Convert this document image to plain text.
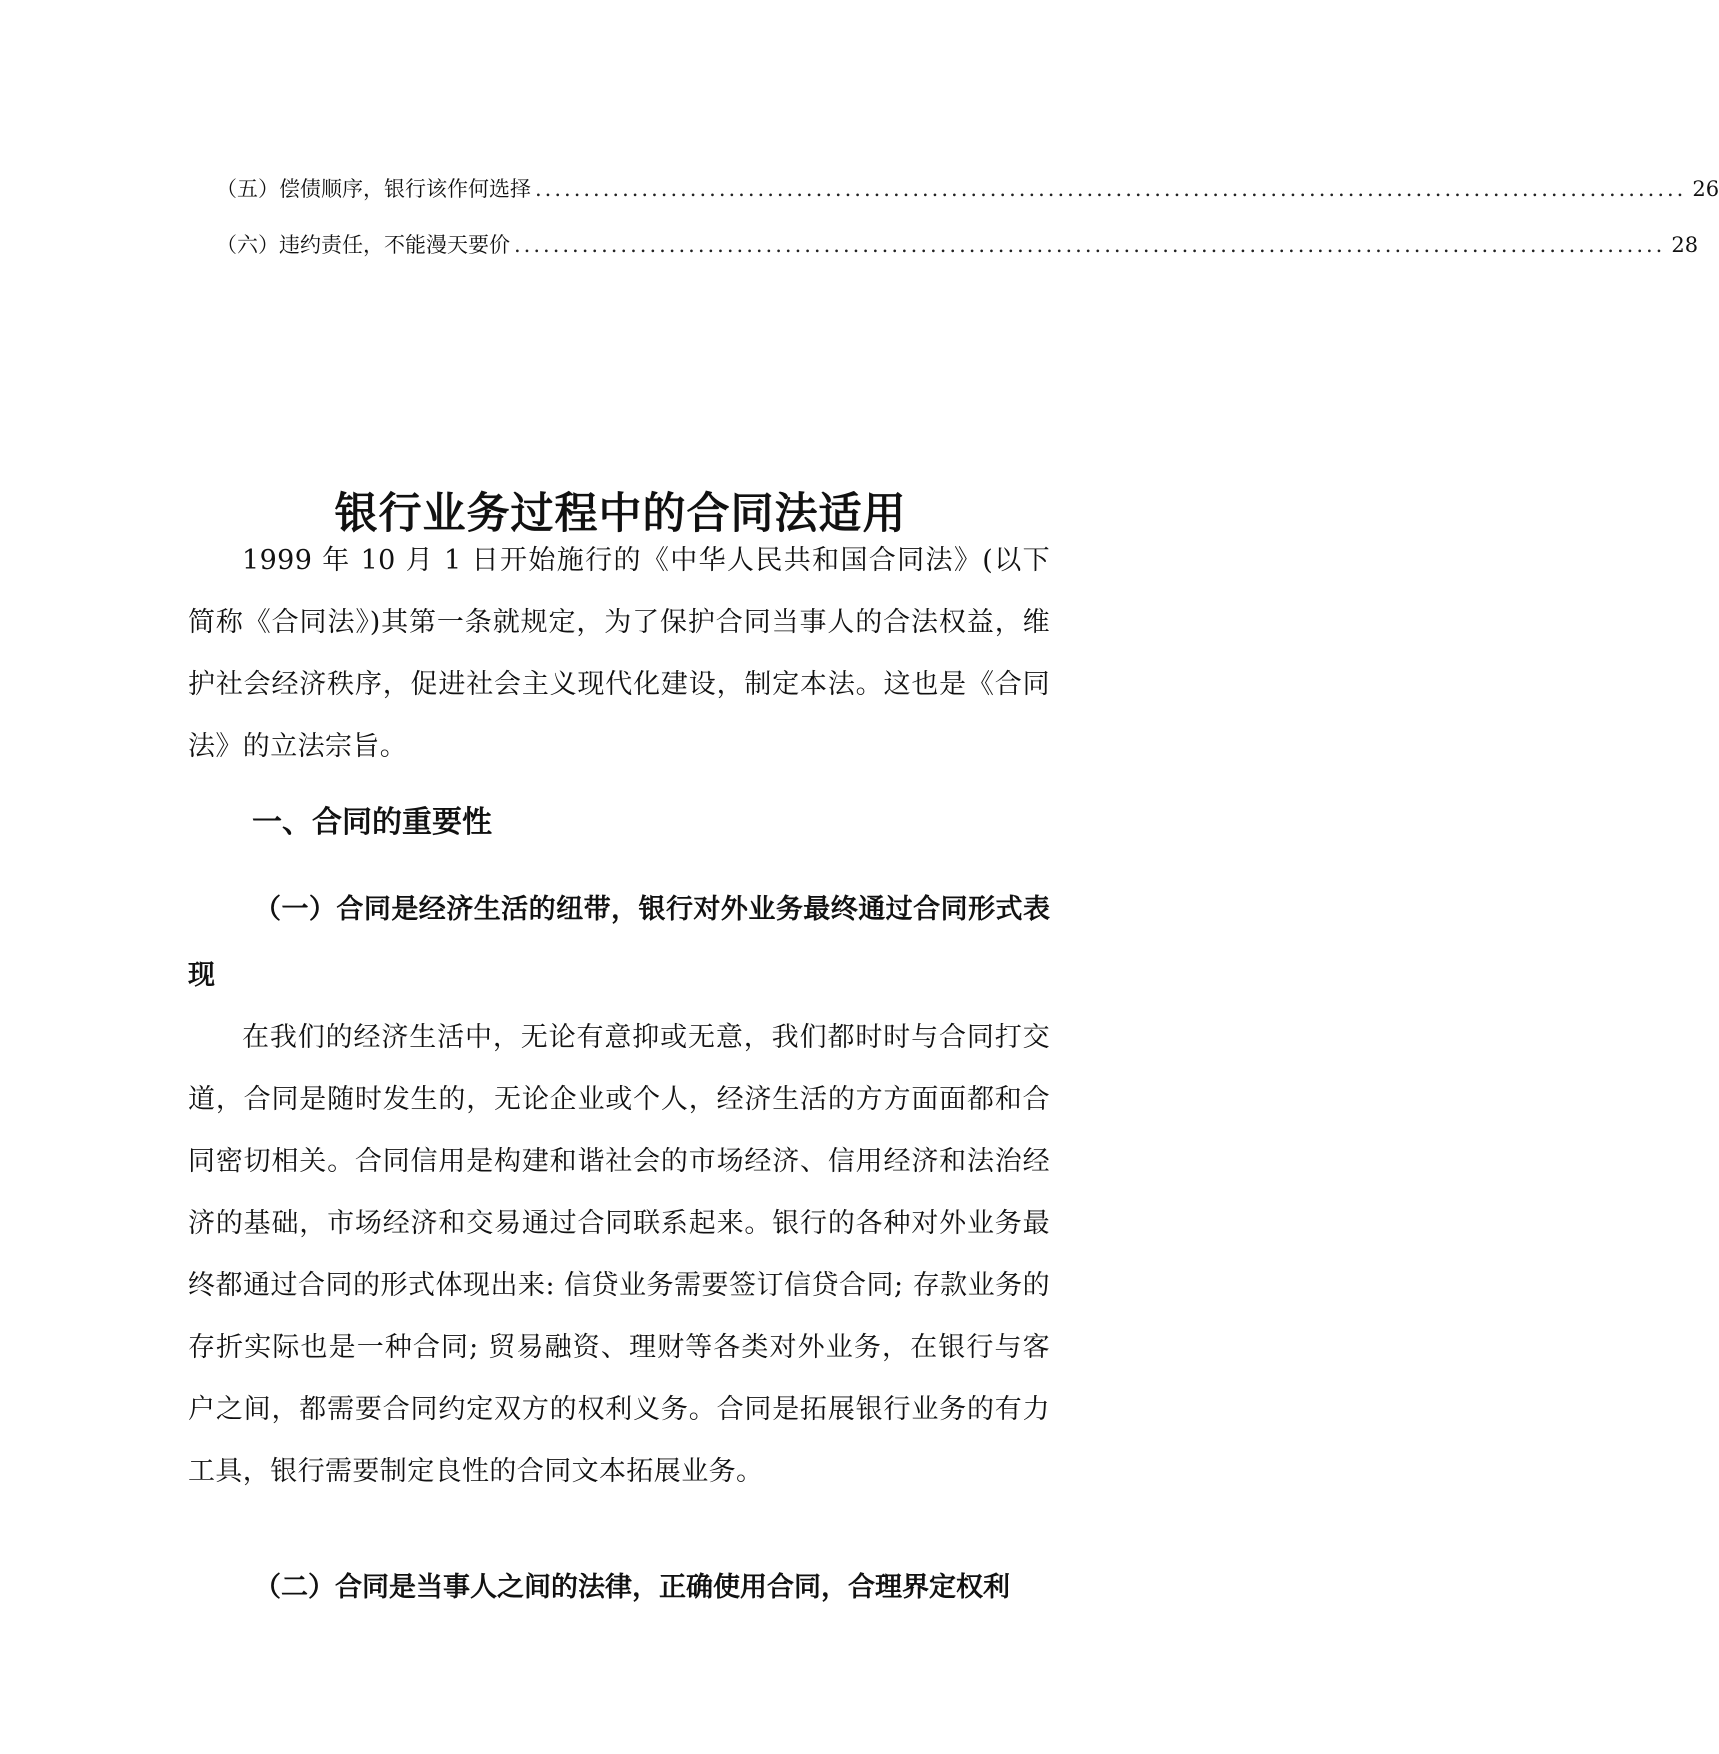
（五）偿债顺序，银行该作何选择 ....................................................................................................................... 26
（六）违约责任，不能漫天要价 ....................................................................................................................... 28
银行业务过程中的合同法适用

1999 年 10 月 1 日开始施行的《中华人民共和国合同法》(以下简称《合同法》)其第一条就规定，为了保护合同当事人的合法权益，维护社会经济秩序，促进社会主义现代化建设，制定本法。这也是《合同法》的立法宗旨。

一、合同的重要性
（一）合同是经济生活的纽带，银行对外业务最终通过合同形式表现

在我们的经济生活中，无论有意抑或无意，我们都时时与合同打交道，合同是随时发生的，无论企业或个人，经济生活的方方面面都和合同密切相关。合同信用是构建和谐社会的市场经济、信用经济和法治经济的基础，市场经济和交易通过合同联系起来。银行的各种对外业务最终都通过合同的形式体现出来: 信贷业务需要签订信贷合同; 存款业务的存折实际也是一种合同; 贸易融资、理财等各类对外业务，在银行与客户之间，都需要合同约定双方的权利义务。合同是拓展银行业务的有力工具，银行需要制定良性的合同文本拓展业务。

（二）合同是当事人之间的法律，正确使用合同，合理界定权利
